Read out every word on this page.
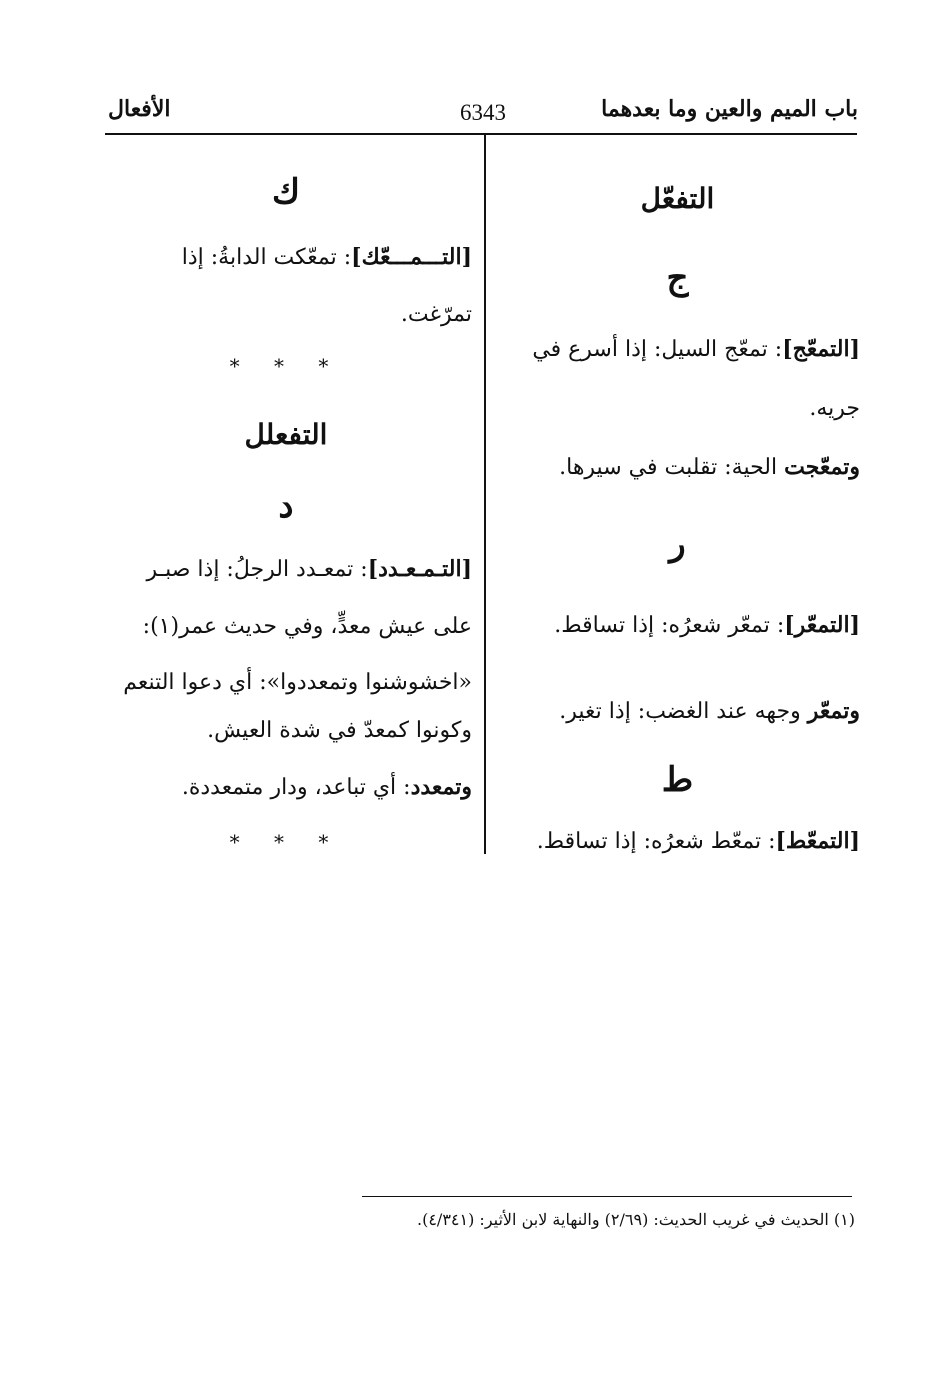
باب الميم والعين وما بعدهما
6343
الأفعال
التفعّل
ج
[التمعّج]: تمعّج السيل: إذا أسرع في
جريه.
وتمعّجت الحية: تقلبت في سيرها.
ر
[التمعّر]: تمعّر شعرُه: إذا تساقط.
وتمعّر وجهه عند الغضب: إذا تغير.
ط
[التمعّط]: تمعّط شعرُه: إذا تساقط.
ك
[التـــمـــعّك]: تمعّكت الدابةُ: إذا
تمرّغت.
* * *
التفعلل
د
[التـمـعـدد]: تمعـدد الرجلُ: إذا صبـر
على عيش معدٍّ، وفي حديث عمر(١):
«اخشوشنوا وتمعددوا»: أي دعوا التنعم
وكونوا كمعدّ في شدة العيش.
وتمعدد: أي تباعد، ودار متمعددة.
* * *
(١) الحديث في غريب الحديث: (٢/٦٩) والنهاية لابن الأثير: (٤/٣٤١).
